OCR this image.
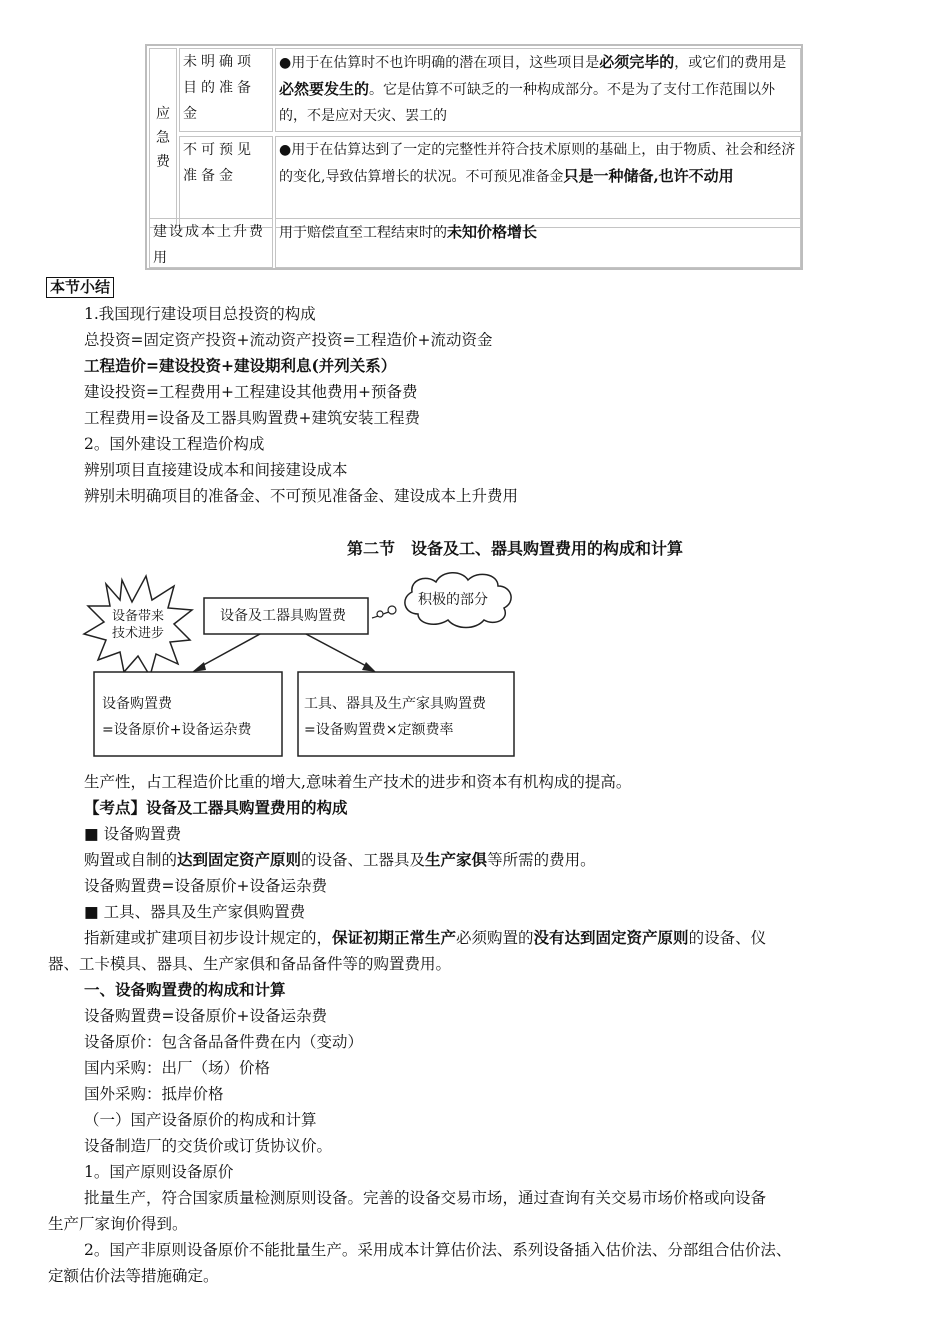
应
急
费
未明确项目的准备金
●用于在估算时不也许明确的潜在项目，这些项目是必须完毕的，或它们的费用是必然要发生的。它是估算不可缺乏的一种构成部分。不是为了支付工作范围以外的，不是应对天灾、罢工的
不可预见准备金
●用于在估算达到了一定的完整性并符合技术原则的基础上，由于物质、社会和经济的变化,导致估算增长的状况。不可预见准备金只是一种储备,也许不动用
建设成本上升费用
用于赔偿直至工程结束时的未知价格增长
本节小结
1.我国现行建设项目总投资的构成
总投资=固定资产投资+流动资产投资=工程造价+流动资金
工程造价=建设投资+建设期利息(并列关系）
建设投资=工程费用+工程建设其他费用+预备费
工程费用=设备及工器具购置费+建筑安装工程费
2。国外建设工程造价构成
辨别项目直接建设成本和间接建设成本
辨别未明确项目的准备金、不可预见准备金、建设成本上升费用
第二节　设备及工、器具购置费用的构成和计算
设备及工器具购置费
设备带来
技术进步
积极的部分
设备购置费
=设备原价+设备运杂费
工具、器具及生产家具购置费
=设备购置费×定额费率
生产性，占工程造价比重的增大,意味着生产技术的进步和资本有机构成的提高。
【考点】设备及工器具购置费用的构成
■ 设备购置费
购置或自制的达到固定资产原则的设备、工器具及生产家俱等所需的费用。
设备购置费=设备原价+设备运杂费
■ 工具、器具及生产家俱购置费
指新建或扩建项目初步设计规定的，保证初期正常生产必须购置的没有达到固定资产原则的设备、仪
器、工卡模具、器具、生产家俱和备品备件等的购置费用。
一、设备购置费的构成和计算
设备购置费=设备原价+设备运杂费
设备原价：包含备品备件费在内（变动）
国内采购：出厂（场）价格
国外采购：抵岸价格
（一）国产设备原价的构成和计算
设备制造厂的交货价或订货协议价。
1。国产原则设备原价
批量生产，符合国家质量检测原则设备。完善的设备交易市场，通过查询有关交易市场价格或向设备
生产厂家询价得到。
2。国产非原则设备原价不能批量生产。采用成本计算估价法、系列设备插入估价法、分部组合估价法、
定额估价法等措施确定。
